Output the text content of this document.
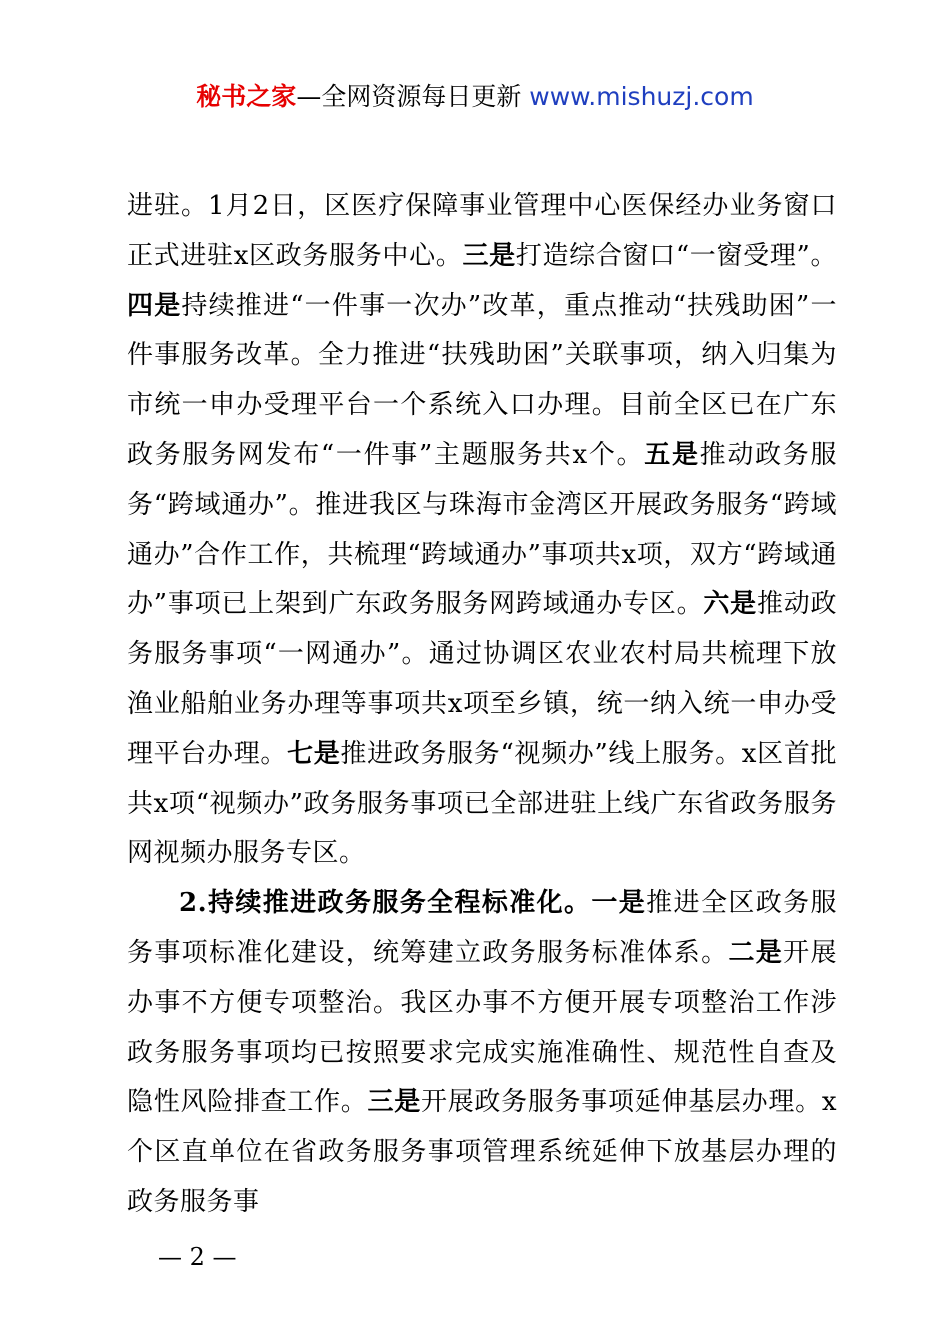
秘书之家—全网资源每日更新 www.mishuzj.com

进驻。1月2日，区医疗保障事业管理中心医保经办业务窗口正式进驻x区政务服务中心。三是打造综合窗口“一窗受理”。四是持续推进“一件事一次办”改革，重点推动“扶残助困”一件事服务改革。全力推进“扶残助困”关联事项，纳入归集为市统一申办受理平台一个系统入口办理。目前全区已在广东政务服务网发布“一件事”主题服务共x个。五是推动政务服务“跨域通办”。推进我区与珠海市金湾区开展政务服务“跨域通办”合作工作，共梳理“跨域通办”事项共x项，双方“跨域通办”事项已上架到广东政务服务网跨域通办专区。六是推动政务服务事项“一网通办”。通过协调区农业农村局共梳理下放渔业船舶业务办理等事项共x项至乡镇，统一纳入统一申办受理平台办理。七是推进政务服务“视频办”线上服务。x区首批共x项“视频办”政务服务事项已全部进驻上线广东省政务服务网视频办服务专区。

2.持续推进政务服务全程标准化。一是推进全区政务服务事项标准化建设，统筹建立政务服务标准体系。二是开展办事不方便专项整治。我区办事不方便开展专项整治工作涉政务服务事项均已按照要求完成实施准确性、规范性自查及隐性风险排查工作。三是开展政务服务事项延伸基层办理。x个区直单位在省政务服务事项管理系统延伸下放基层办理的政务服务事

— 2 —
